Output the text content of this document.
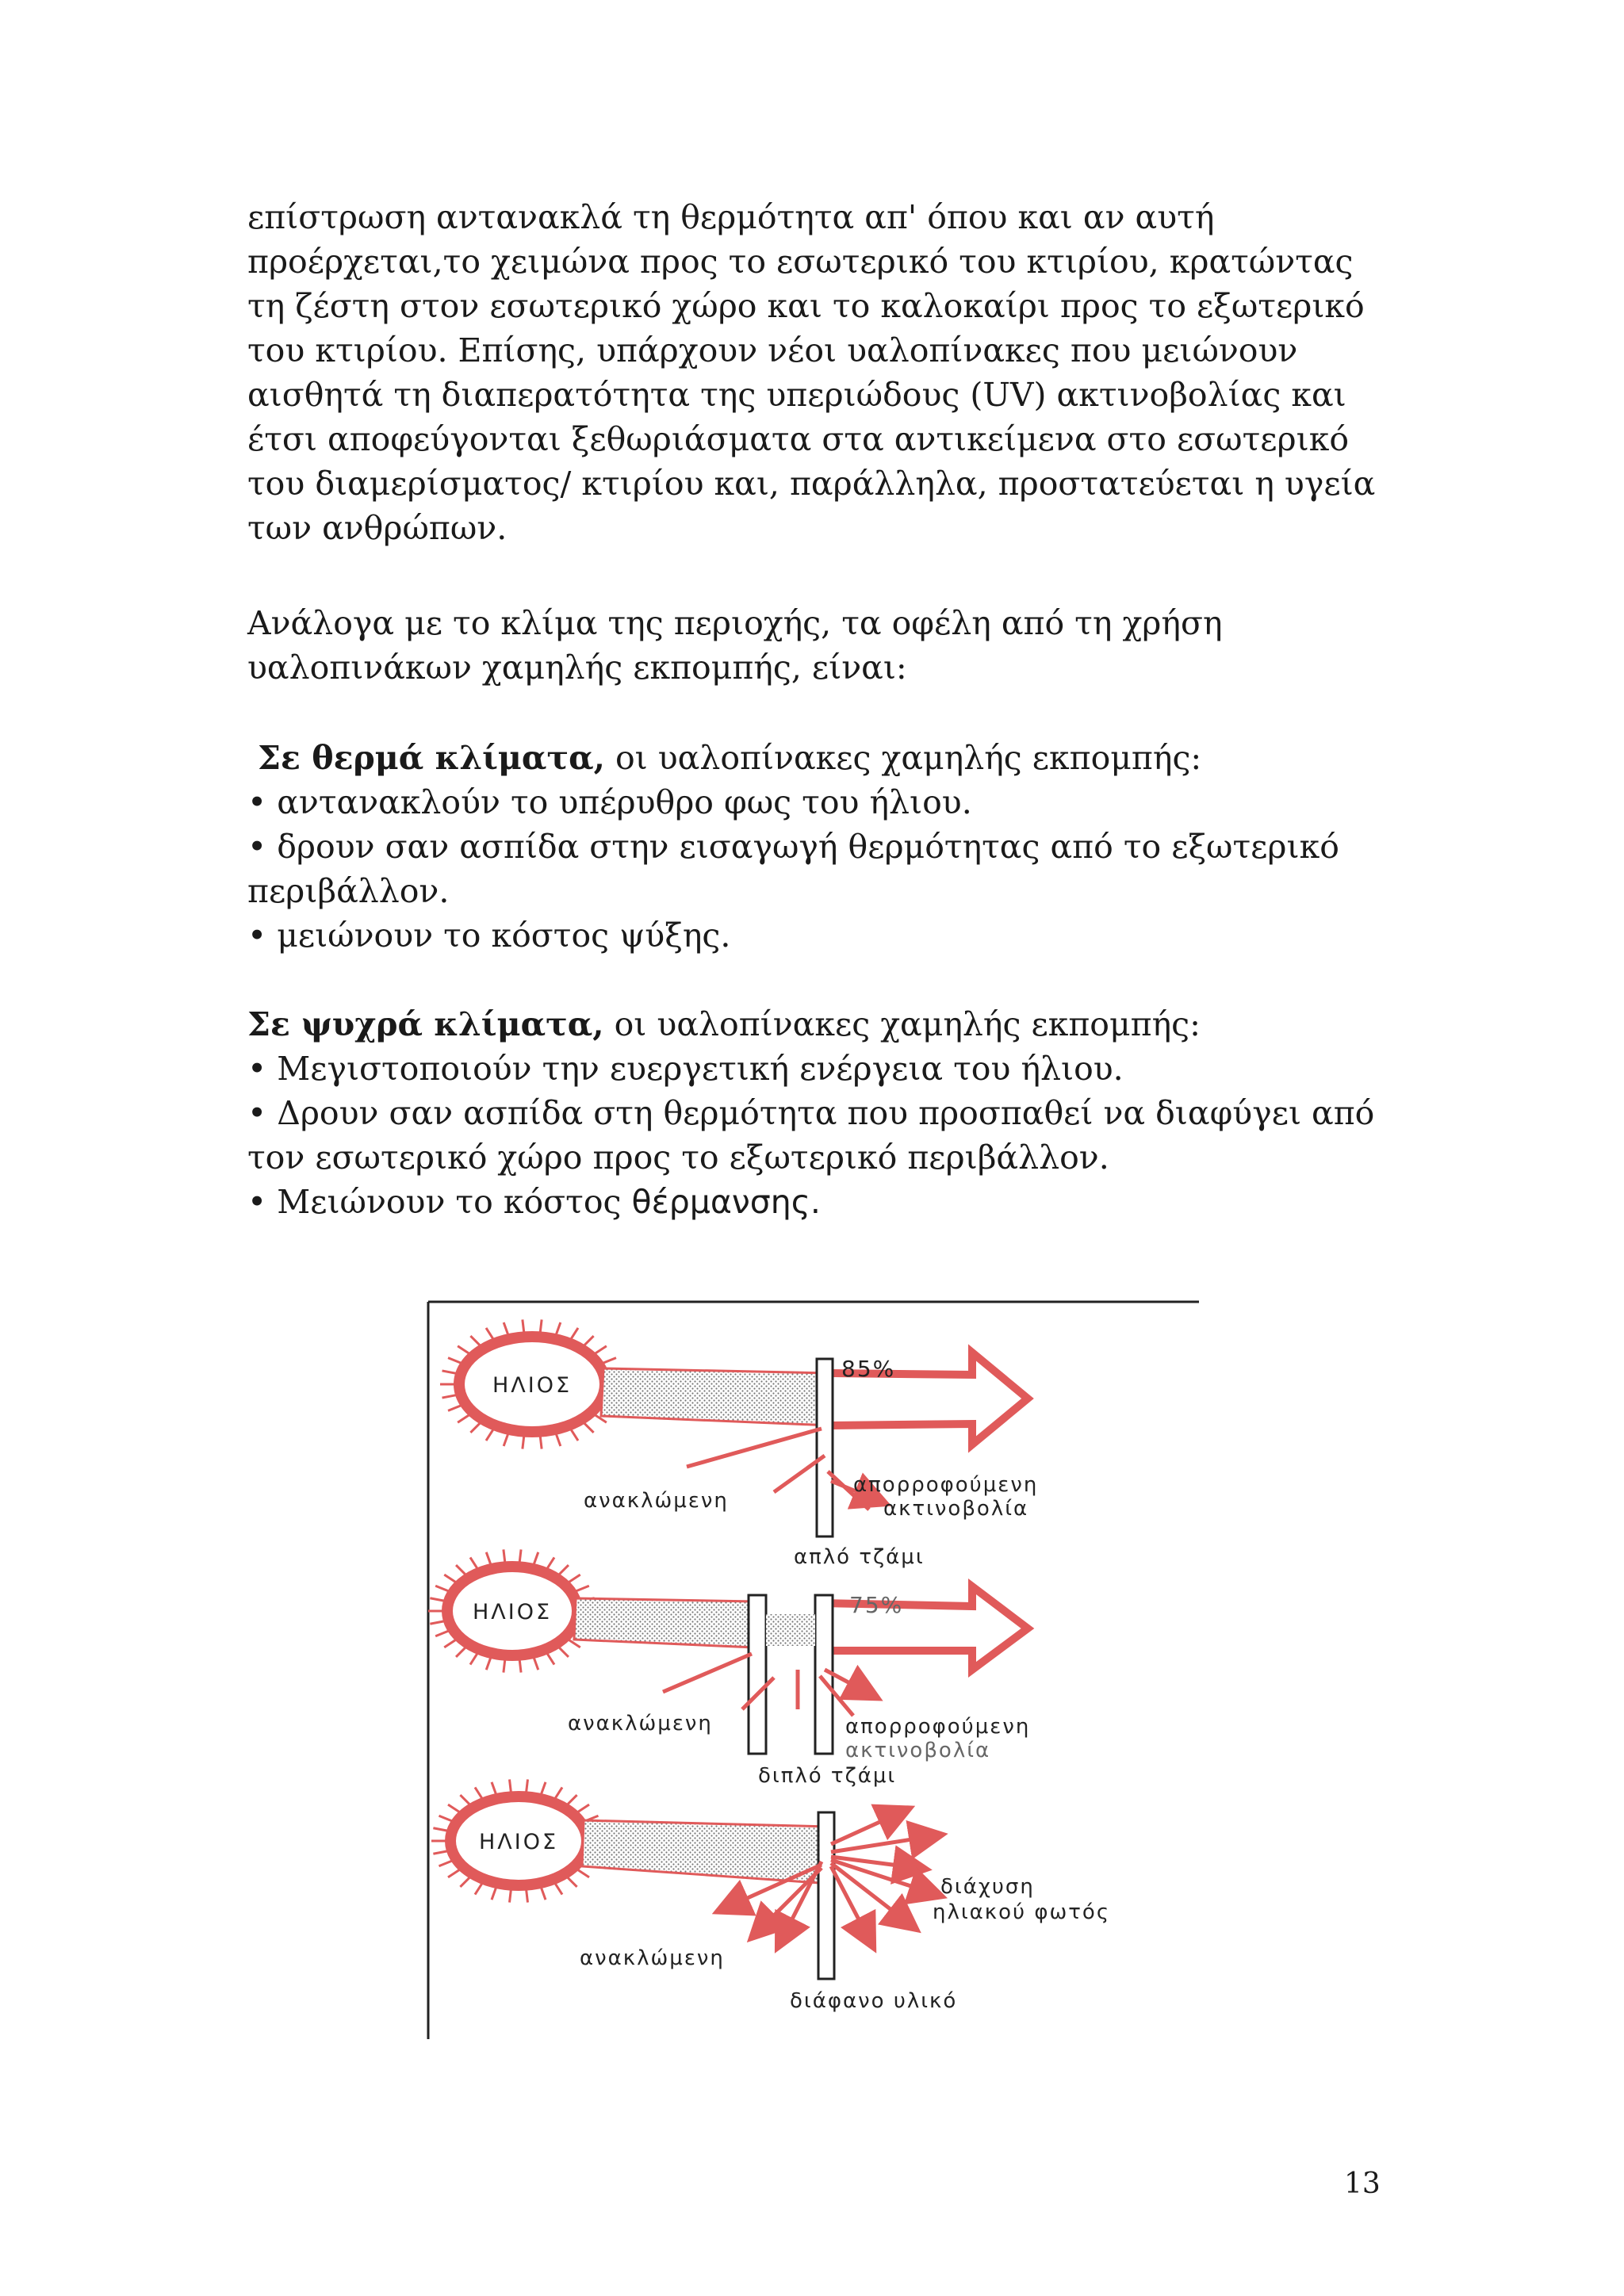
επίστρωση αντανακλά τη θερμότητα απ' όπου και αν αυτή
προέρχεται,το χειμώνα προς το εσωτερικό του κτιρίου, κρατώντας
τη ζέστη στον εσωτερικό χώρο και το καλοκαίρι προς το εξωτερικό
του κτιρίου. Επίσης, υπάρχουν νέοι υαλοπίνακες που μειώνουν
αισθητά τη διαπερατότητα της υπεριώδους (UV) ακτινοβολίας και
έτσι αποφεύγονται ξεθωριάσματα στα αντικείμενα στο εσωτερικό
του διαμερίσματος/ κτιρίου και, παράλληλα, προστατεύεται η υγεία
των ανθρώπων.
Ανάλογα με το κλίμα της περιοχής, τα οφέλη από τη χρήση
υαλοπινάκων χαμηλής εκπομπής, είναι:
Σε θερμά κλίματα, οι υαλοπίνακες χαμηλής εκπομπής:
• αντανακλούν το υπέρυθρο φως του ήλιου.
• δρουν σαν ασπίδα στην εισαγωγή θερμότητας από το εξωτερικό
περιβάλλον.
• μειώνουν το κόστος ψύξης.
Σε ψυχρά κλίματα, οι υαλοπίνακες χαμηλής εκπομπής:
• Μεγιστοποιούν την ευεργετική ενέργεια του ήλιου.
• Δρουν σαν ασπίδα στη θερμότητα που προσπαθεί να διαφύγει από
τον εσωτερικό χώρο προς το εξωτερικό περιβάλλον.
• Μειώνουν το κόστος θέρμανσης.
ΗΛΙΟΣ
85%
ανακλώμενη
απορροφούμενη
ακτινοβολία
απλό τζάμι
ΗΛΙΟΣ	75%
ανακλώμενη	απορροφούμενη
ακτινοβολία
διπλό τζάμι
ΗΛΙΟΣ
διάχυση
ηλιακού φωτός
ανακλώμενη
διάφανο υλικό
13
